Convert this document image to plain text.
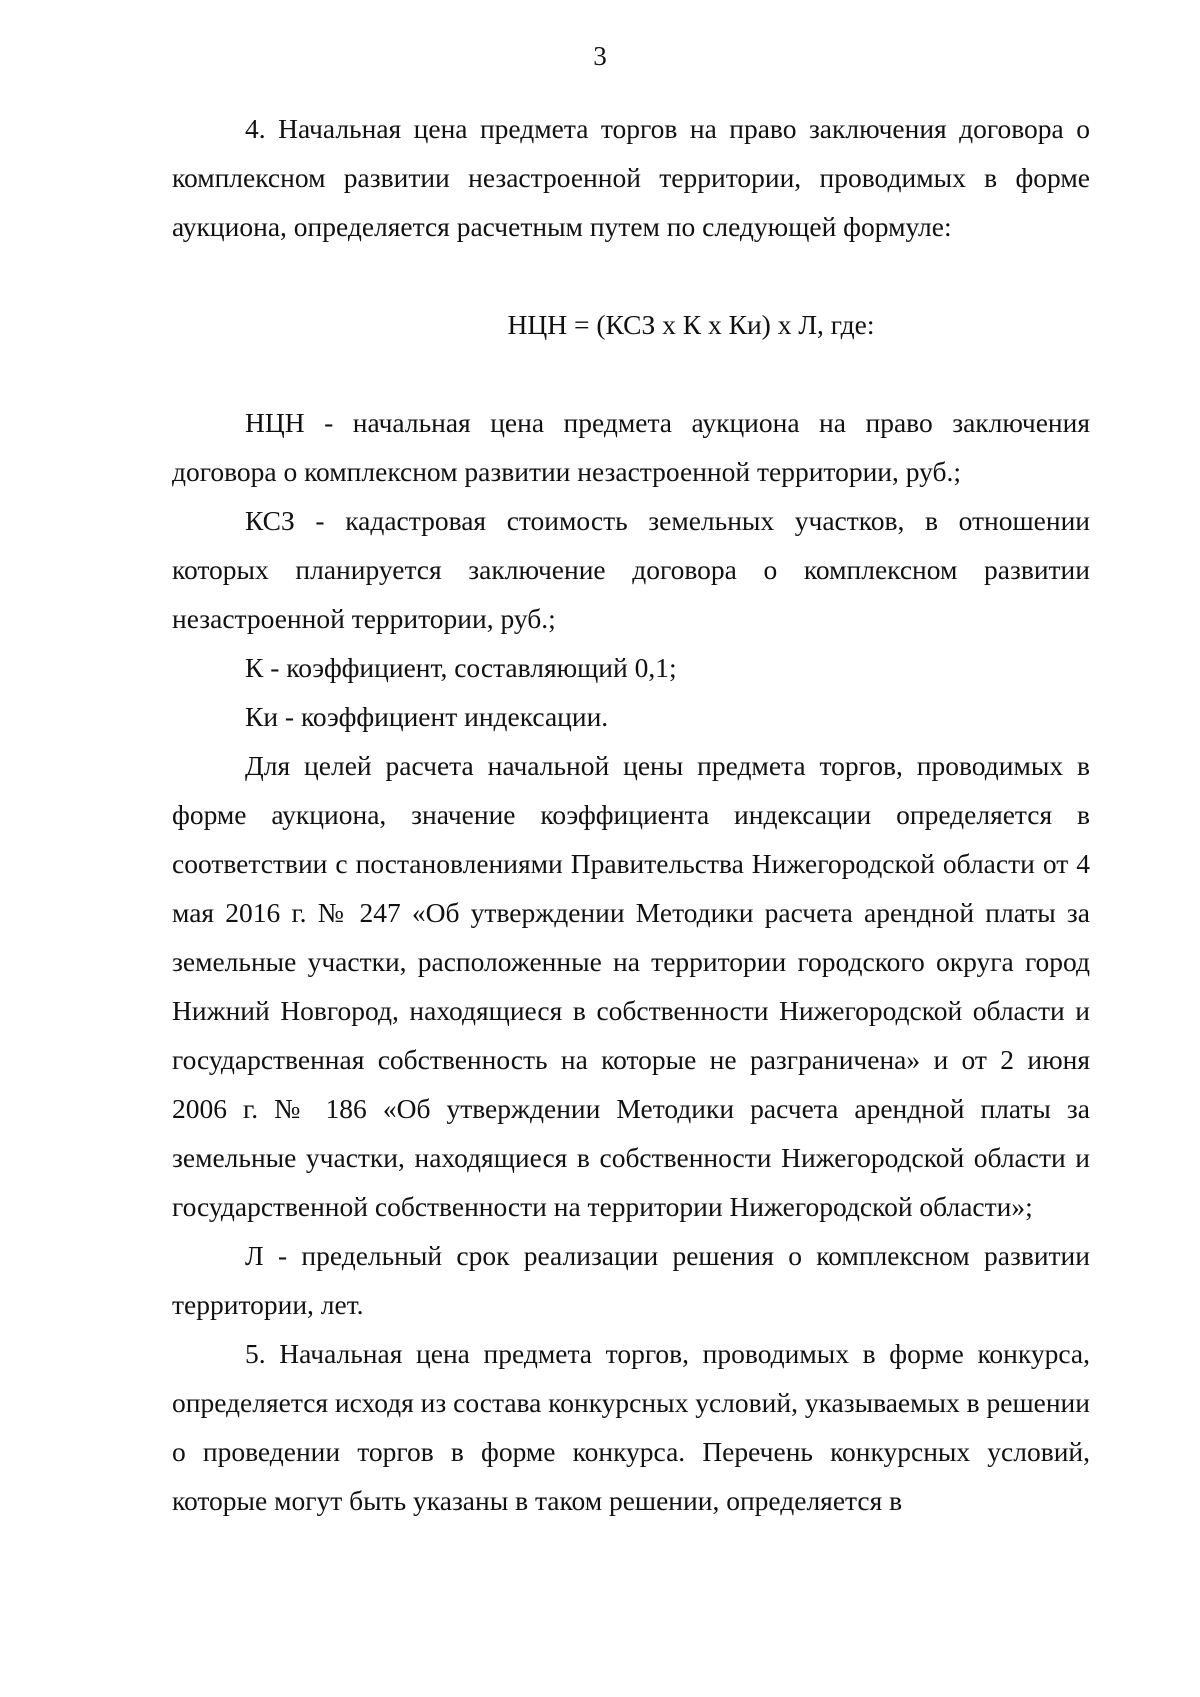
3

4. Начальная цена предмета торгов на право заключения договора о комплексном развитии незастроенной территории, проводимых в форме аукциона, определяется расчетным путем по следующей формуле:

НЦН = (КСЗ х К х Ки) х Л, где:

НЦН - начальная цена предмета аукциона на право заключения договора о комплексном развитии незастроенной территории, руб.;

КСЗ - кадастровая стоимость земельных участков, в отношении которых планируется заключение договора о комплексном развитии незастроенной территории, руб.;

К - коэффициент, составляющий 0,1;

Ки - коэффициент индексации.

Для целей расчета начальной цены предмета торгов, проводимых в форме аукциона, значение коэффициента индексации определяется в соответствии с постановлениями Правительства Нижегородской области от 4 мая 2016 г. № 247 «Об утверждении Методики расчета арендной платы за земельные участки, расположенные на территории городского округа город Нижний Новгород, находящиеся в собственности Нижегородской области и государственная собственность на которые не разграничена» и от 2 июня 2006 г. № 186 «Об утверждении Методики расчета арендной платы за земельные участки, находящиеся в собственности Нижегородской области и государственной собственности на территории Нижегородской области»;

Л - предельный срок реализации решения о комплексном развитии территории, лет.

5. Начальная цена предмета торгов, проводимых в форме конкурса, определяется исходя из состава конкурсных условий, указываемых в решении о проведении торгов в форме конкурса. Перечень конкурсных условий, которые могут быть указаны в таком решении, определяется в
